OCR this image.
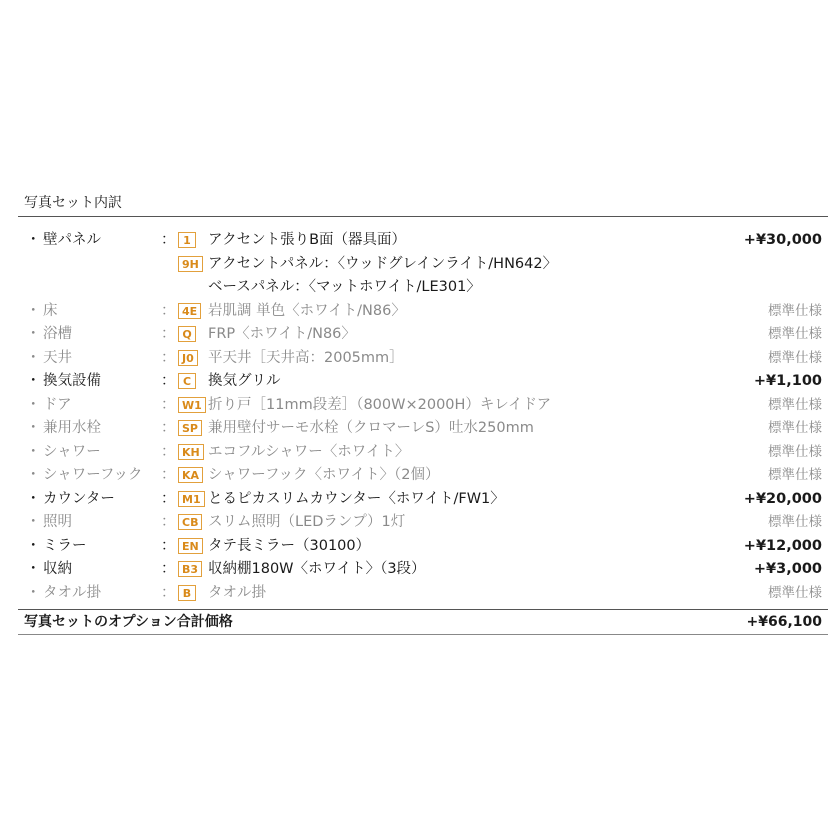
写真セット内訳
・ 壁パネル	： 1	アクセント張りB面（器具面）	+¥30,000
9H アクセントパネル：〈ウッドグレインライト/HN642〉
ベースパネル：〈マットホワイト/LE301〉
・ 床	： 4E 岩肌調 単色〈ホワイト/N86〉	標準仕様
・ 浴槽	： Q FRP〈ホワイト/N86〉	標準仕様
・ 天井	： J0 平天井［天井高：2005mm］	標準仕様
・ 換気設備	： C	換気グリル	+¥1,100
・ ドア	： W1 折り戸［11mm段差］（800W×2000H）キレイドア	標準仕様
・ 兼用水栓	： SP 兼用壁付サーモ水栓（クロマーレS）吐水250mm	標準仕様
・ シャワー	： KH エコフルシャワー〈ホワイト〉	標準仕様
・ シャワーフック ： KA シャワーフック〈ホワイト〉（2個）	標準仕様
・ カウンター	： M1 とるピカスリムカウンター〈ホワイト/FW1〉	+¥20,000
・ 照明	： CB スリム照明（LEDランプ）1灯	標準仕様
・ ミラー	： EN タテ長ミラー（30100）	+¥12,000
・ 収納	： B3 収納棚180W〈ホワイト〉（3段）	+¥3,000
・ タオル掛	： B	タオル掛	標準仕様
写真セットのオプション合計価格	+¥66,100
